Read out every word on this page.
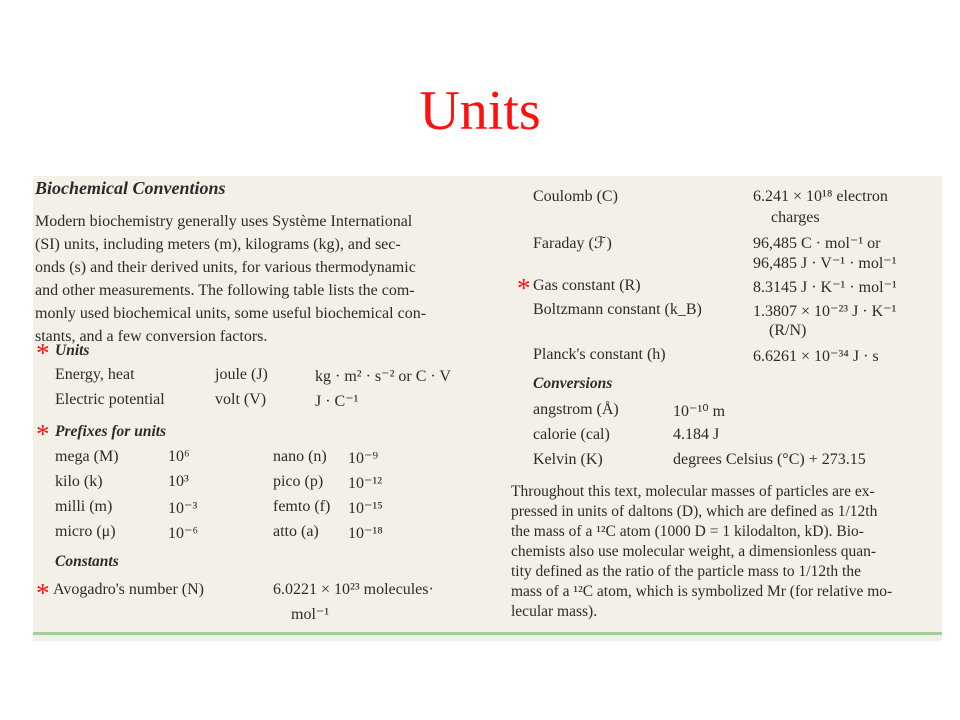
Units
Biochemical Conventions
Modern biochemistry generally uses Système International
(SI) units, including meters (m), kilograms (kg), and sec-
onds (s) and their derived units, for various thermodynamic
and other measurements. The following table lists the com-
monly used biochemical units, some useful biochemical con-
stants, and a few conversion factors.
* Units
Energy, heat	joule (J)	kg · m² · s⁻² or C · V
Electric potential	volt (V)	J · C⁻¹
* Prefixes for units
mega (M)	10⁶	nano (n) 10⁻⁹
kilo (k)	10³	pico (p) 10⁻¹²
milli (m)	10⁻³	femto (f) 10⁻¹⁵
micro (μ)	10⁻⁶	atto (a) 10⁻¹⁸
Constants
* Avogadro's number (N)	6.0221 × 10²³ molecules·
mol⁻¹
Coulomb (C)	6.241 × 10¹⁸ electron
charges
Faraday (ℱ)	96,485 C · mol⁻¹ or
96,485 J · V⁻¹ · mol⁻¹
* Gas constant (R)	8.3145 J · K⁻¹ · mol⁻¹
Boltzmann constant (k_B)	1.3807 × 10⁻²³ J · K⁻¹
(R/N)
Planck's constant (h)	6.6261 × 10⁻³⁴ J · s
Conversions
angstrom (Å)	10⁻¹⁰ m
calorie (cal)	4.184 J
Kelvin (K)	degrees Celsius (°C) + 273.15
Throughout this text, molecular masses of particles are ex-
pressed in units of daltons (D), which are defined as 1/12th
the mass of a ¹²C atom (1000 D = 1 kilodalton, kD). Bio-
chemists also use molecular weight, a dimensionless quan-
tity defined as the ratio of the particle mass to 1/12th the
mass of a ¹²C atom, which is symbolized Mr (for relative mo-
lecular mass).
